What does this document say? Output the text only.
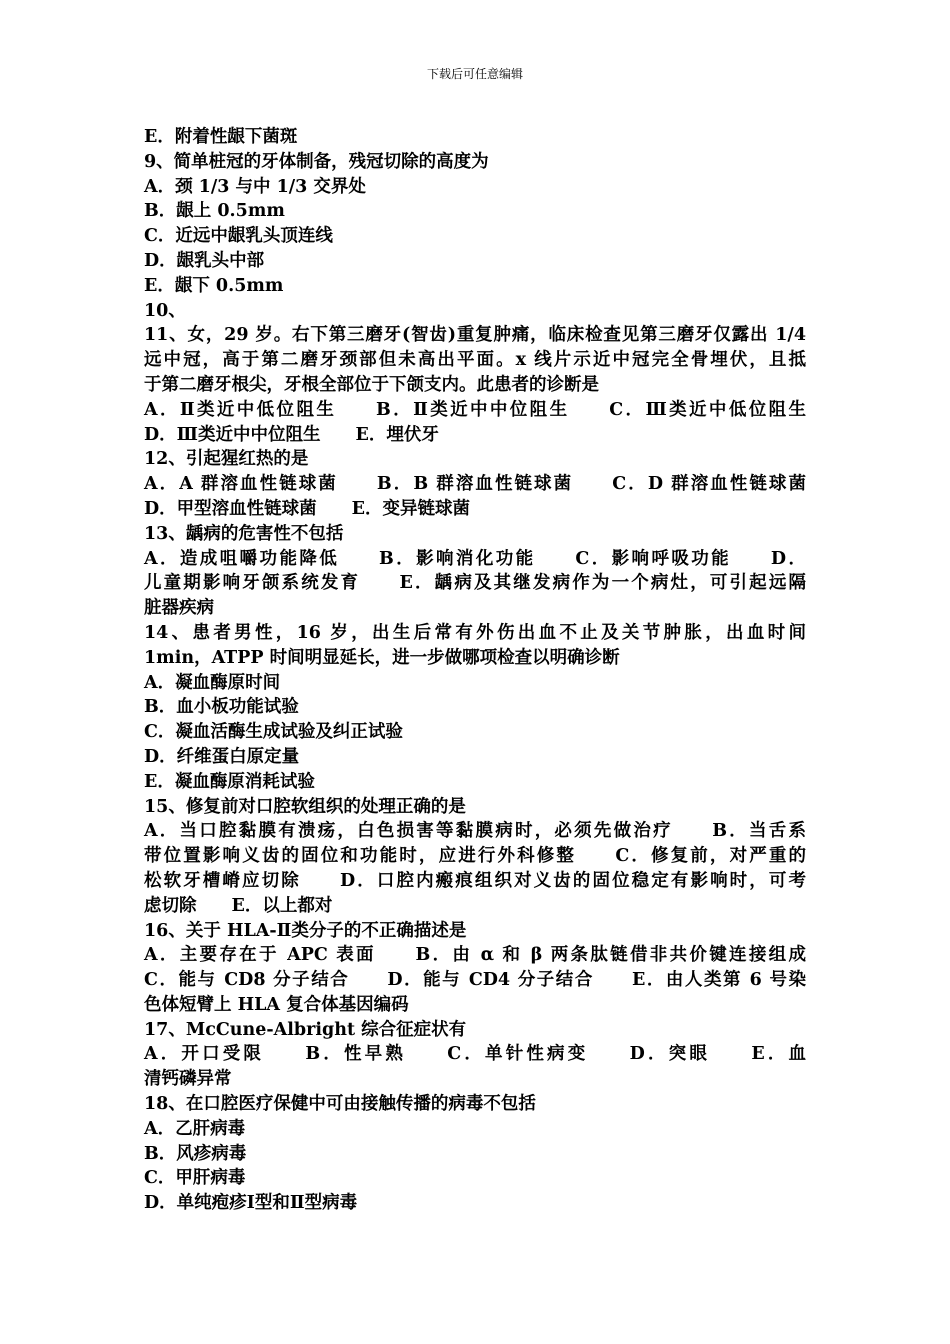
下载后可任意编辑
E．附着性龈下菌斑
9、简单桩冠的牙体制备，残冠切除的高度为
A．颈 1/3 与中 1/3 交界处
B．龈上 0.5mm
C．近远中龈乳头顶连线
D．龈乳头中部
E．龈下 0.5mm
10、
11、女，29 岁。右下第三磨牙(智齿)重复肿痛，临床检查见第三磨牙仅露出 1/4
远中冠，高于第二磨牙颈部但未高出平面。x 线片示近中冠完全骨埋伏，且抵
于第二磨牙根尖，牙根全部位于下颌支内。此患者的诊断是
A．Ⅱ类近中低位阻生　　B．Ⅱ类近中中位阻生　　C．Ⅲ类近中低位阻生
D．Ⅲ类近中中位阻生　　E．埋伏牙
12、引起猩红热的是
A．A 群溶血性链球菌　　B．B 群溶血性链球菌　　C．D 群溶血性链球菌
D．甲型溶血性链球菌　　E．变异链球菌
13、龋病的危害性不包括
A．造成咀嚼功能降低　　B．影响消化功能　　C．影响呼吸功能　　D．
儿童期影响牙颌系统发育　　E．龋病及其继发病作为一个病灶，可引起远隔
脏器疾病
14、患者男性，16 岁，出生后常有外伤出血不止及关节肿胀，出血时间
1min，ATPP 时间明显延长，进一步做哪项检查以明确诊断
A．凝血酶原时间
B．血小板功能试验
C．凝血活酶生成试验及纠正试验
D．纤维蛋白原定量
E．凝血酶原消耗试验
15、修复前对口腔软组织的处理正确的是
A．当口腔黏膜有溃疡，白色损害等黏膜病时，必须先做治疗　　B．当舌系
带位置影响义齿的固位和功能时，应进行外科修整　　C．修复前，对严重的
松软牙槽嵴应切除　　D．口腔内瘢痕组织对义齿的固位稳定有影响时，可考
虑切除　　E．以上都对
16、关于 HLA-Ⅱ类分子的不正确描述是
A．主要存在于 APC 表面　　B．由 α 和 β 两条肽链借非共价键连接组成
C．能与 CD8 分子结合　　D．能与 CD4 分子结合　　E．由人类第 6 号染
色体短臂上 HLA 复合体基因编码
17、McCune-Albright 综合征症状有
A．开口受限　　B．性早熟　　C．单针性病变　　D．突眼　　E．血
清钙磷异常
18、在口腔医疗保健中可由接触传播的病毒不包括
A．乙肝病毒
B．风疹病毒
C．甲肝病毒
D．单纯疱疹Ⅰ型和Ⅱ型病毒
